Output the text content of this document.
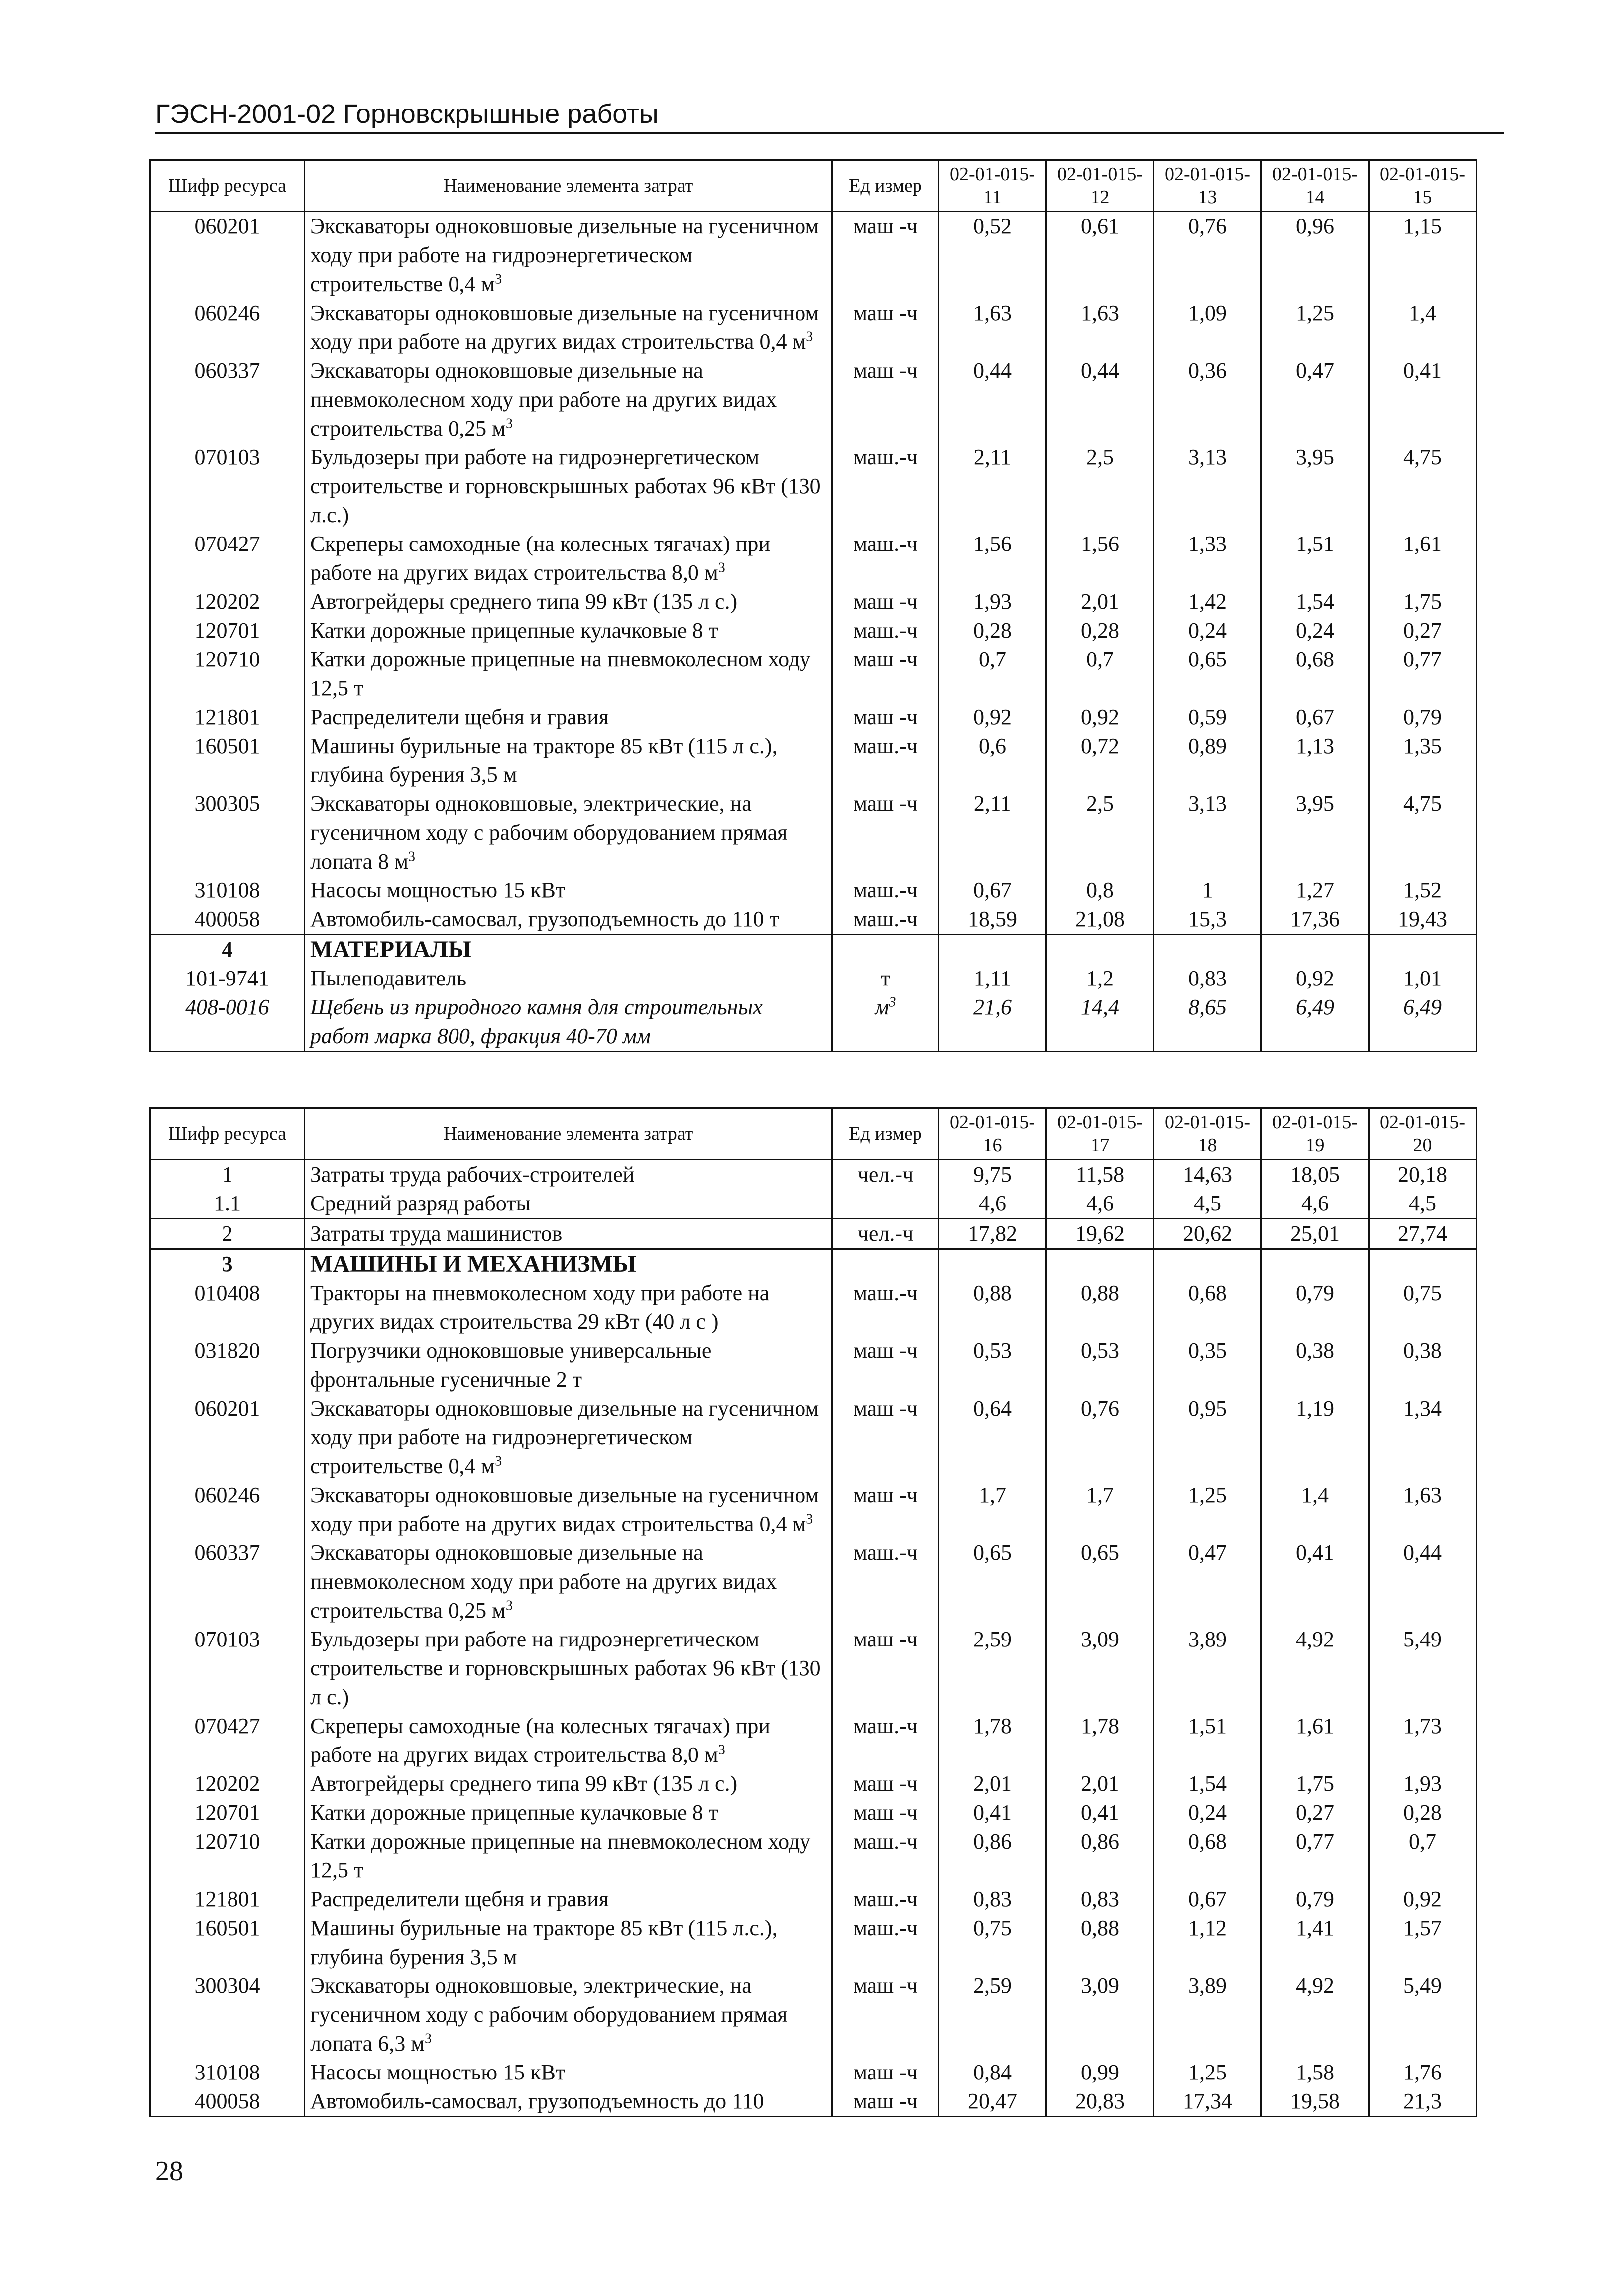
ГЭСН-2001-02 Горновскрышные работы
Шифр ресурса	Наименование элемента затрат	Ед измер	02-01-015-11	02-01-015-12	02-01-015-13	02-01-015-14	02-01-015-15
060201	Экскаваторы одноковшовые дизельные на гусеничном ходу при работе на гидроэнергетическом строительстве 0,4 $м^3$	маш -ч	0,52	0,61	0,76	0,96	1,15
060246	Экскаваторы одноковшовые дизельные на гусеничном ходу при работе на других видах строительства 0,4 $м^3$	маш -ч	1,63	1,63	1,09	1,25	1,4
060337	Экскаваторы одноковшовые дизельные на пневмоколесном ходу при работе на других видах строительства 0,25 $м^3$	маш -ч	0,44	0,44	0,36	0,47	0,41
070103	Бульдозеры при работе на гидроэнергетическом строительстве и горновскрышных работах 96 кВт (130 л.с.)	маш.-ч	2,11	2,5	3,13	3,95	4,75
070427	Скреперы самоходные (на колесных тягачах) при работе на других видах строительства 8,0 $м^3$	маш.-ч	1,56	1,56	1,33	1,51	1,61
120202	Автогрейдеры среднего типа 99 кВт (135 л с.)	маш -ч	1,93	2,01	1,42	1,54	1,75
120701	Катки дорожные прицепные кулачковые 8 т	маш.-ч	0,28	0,28	0,24	0,24	0,27
120710	Катки дорожные прицепные на пневмоколесном ходу 12,5 т	маш -ч	0,7	0,7	0,65	0,68	0,77
121801	Распределители щебня и гравия	маш -ч	0,92	0,92	0,59	0,67	0,79
160501	Машины бурильные на тракторе 85 кВт (115 л с.), глубина бурения 3,5 м	маш.-ч	0,6	0,72	0,89	1,13	1,35
300305	Экскаваторы одноковшовые, электрические, на гусеничном ходу с рабочим оборудованием прямая лопата 8 $м^3$	маш -ч	2,11	2,5	3,13	3,95	4,75
310108	Насосы мощностью 15 кВт	маш.-ч	0,67	0,8	1	1,27	1,52
400058	Автомобиль-самосвал, грузоподъемность до 110 т	маш.-ч	18,59	21,08	15,3	17,36	19,43
4	МАТЕРИАЛЫ						
101-9741	Пылеподавитель	т	1,11	1,2	0,83	0,92	1,01
408-0016	Щебень из природного камня для строительных работ марка 800, фракция 40-70 мм	$м^3$	21,6	14,4	8,65	6,49	6,49
Шифр ресурса	Наименование элемента затрат	Ед измер	02-01-015-16	02-01-015-17	02-01-015-18	02-01-015-19	02-01-015-20
1	Затраты труда рабочих-строителей	чел.-ч	9,75	11,58	14,63	18,05	20,18
1.1	Средний разряд работы		4,6	4,6	4,5	4,6	4,5
2	Затраты труда машинистов	чел.-ч	17,82	19,62	20,62	25,01	27,74
3	МАШИНЫ И МЕХАНИЗМЫ						
010408	Тракторы на пневмоколесном ходу при работе на других видах строительства 29 кВт (40 л с )	маш.-ч	0,88	0,88	0,68	0,79	0,75
031820	Погрузчики одноковшовые универсальные фронтальные гусеничные 2 т	маш -ч	0,53	0,53	0,35	0,38	0,38
060201	Экскаваторы одноковшовые дизельные на гусеничном ходу при работе на гидроэнергетическом строительстве 0,4 $м^3$	маш -ч	0,64	0,76	0,95	1,19	1,34
060246	Экскаваторы одноковшовые дизельные на гусеничном ходу при работе на других видах строительства 0,4 $м^3$	маш -ч	1,7	1,7	1,25	1,4	1,63
060337	Экскаваторы одноковшовые дизельные на пневмоколесном ходу при работе на других видах строительства 0,25 $м^3$	маш.-ч	0,65	0,65	0,47	0,41	0,44
070103	Бульдозеры при работе на гидроэнергетическом строительстве и горновскрышных работах 96 кВт (130 л с.)	маш -ч	2,59	3,09	3,89	4,92	5,49
070427	Скреперы самоходные (на колесных тягачах) при работе на других видах строительства 8,0 $м^3$	маш.-ч	1,78	1,78	1,51	1,61	1,73
120202	Автогрейдеры среднего типа 99 кВт (135 л с.)	маш -ч	2,01	2,01	1,54	1,75	1,93
120701	Катки дорожные прицепные кулачковые 8 т	маш -ч	0,41	0,41	0,24	0,27	0,28
120710	Катки дорожные прицепные на пневмоколесном ходу 12,5 т	маш.-ч	0,86	0,86	0,68	0,77	0,7
121801	Распределители щебня и гравия	маш.-ч	0,83	0,83	0,67	0,79	0,92
160501	Машины бурильные на тракторе 85 кВт (115 л.с.), глубина бурения 3,5 м	маш.-ч	0,75	0,88	1,12	1,41	1,57
300304	Экскаваторы одноковшовые, электрические, на гусеничном ходу с рабочим оборудованием прямая лопата 6,3 $м^3$	маш -ч	2,59	3,09	3,89	4,92	5,49
310108	Насосы мощностью 15 кВт	маш -ч	0,84	0,99	1,25	1,58	1,76
400058	Автомобиль-самосвал, грузоподъемность до 110	маш -ч	20,47	20,83	17,34	19,58	21,3
28
